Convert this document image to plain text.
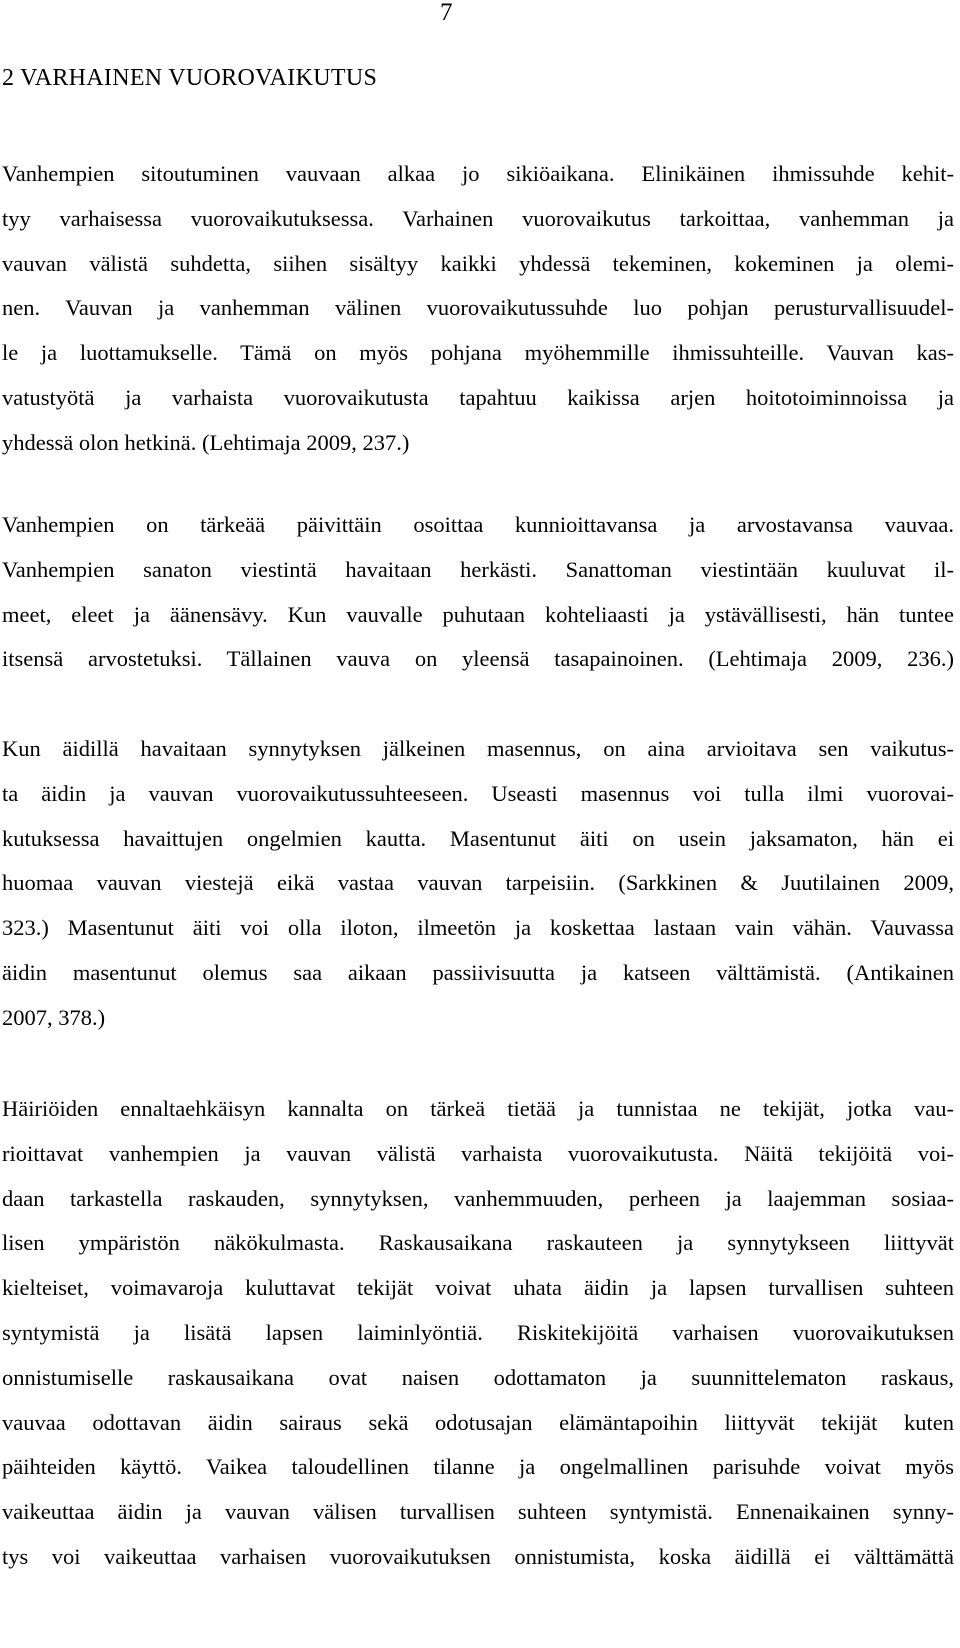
7
2 VARHAINEN VUOROVAIKUTUS
Vanhempien sitoutuminen vauvaan alkaa jo sikiöaikana. Elinikäinen ihmissuhde kehit-
tyy varhaisessa vuorovaikutuksessa. Varhainen vuorovaikutus tarkoittaa, vanhemman ja
vauvan välistä suhdetta, siihen sisältyy kaikki yhdessä tekeminen, kokeminen ja olemi-
nen. Vauvan ja vanhemman välinen vuorovaikutussuhde luo pohjan perusturvallisuudel-
le ja luottamukselle. Tämä on myös pohjana myöhemmille ihmissuhteille. Vauvan kas-
vatustyötä ja varhaista vuorovaikutusta tapahtuu kaikissa arjen hoitotoiminnoissa ja
yhdessä olon hetkinä. (Lehtimaja 2009, 237.)
Vanhempien on tärkeää päivittäin osoittaa kunnioittavansa ja arvostavansa vauvaa.
Vanhempien sanaton viestintä havaitaan herkästi. Sanattoman viestintään kuuluvat il-
meet, eleet ja äänensävy. Kun vauvalle puhutaan kohteliaasti ja ystävällisesti, hän tuntee
itsensä arvostetuksi. Tällainen vauva on yleensä tasapainoinen. (Lehtimaja 2009, 236.)
Kun äidillä havaitaan synnytyksen jälkeinen masennus, on aina arvioitava sen vaikutus-
ta äidin ja vauvan vuorovaikutussuhteeseen. Useasti masennus voi tulla ilmi vuorovai-
kutuksessa havaittujen ongelmien kautta. Masentunut äiti on usein jaksamaton, hän ei
huomaa vauvan viestejä eikä vastaa vauvan tarpeisiin. (Sarkkinen & Juutilainen 2009,
323.) Masentunut äiti voi olla iloton, ilmeetön ja koskettaa lastaan vain vähän. Vauvassa
äidin masentunut olemus saa aikaan passiivisuutta ja katseen välttämistä. (Antikainen
2007, 378.)
Häiriöiden ennaltaehkäisyn kannalta on tärkeä tietää ja tunnistaa ne tekijät, jotka vau-
rioittavat vanhempien ja vauvan välistä varhaista vuorovaikutusta. Näitä tekijöitä voi-
daan tarkastella raskauden, synnytyksen, vanhemmuuden, perheen ja laajemman sosiaa-
lisen ympäristön näkökulmasta. Raskausaikana raskauteen ja synnytykseen liittyvät
kielteiset, voimavaroja kuluttavat tekijät voivat uhata äidin ja lapsen turvallisen suhteen
syntymistä ja lisätä lapsen laiminlyöntiä. Riskitekijöitä varhaisen vuorovaikutuksen
onnistumiselle raskausaikana ovat naisen odottamaton ja suunnittelematon raskaus,
vauvaa odottavan äidin sairaus sekä odotusajan elämäntapoihin liittyvät tekijät kuten
päihteiden käyttö. Vaikea taloudellinen tilanne ja ongelmallinen parisuhde voivat myös
vaikeuttaa äidin ja vauvan välisen turvallisen suhteen syntymistä. Ennenaikainen synny-
tys voi vaikeuttaa varhaisen vuorovaikutuksen onnistumista, koska äidillä ei välttämättä
